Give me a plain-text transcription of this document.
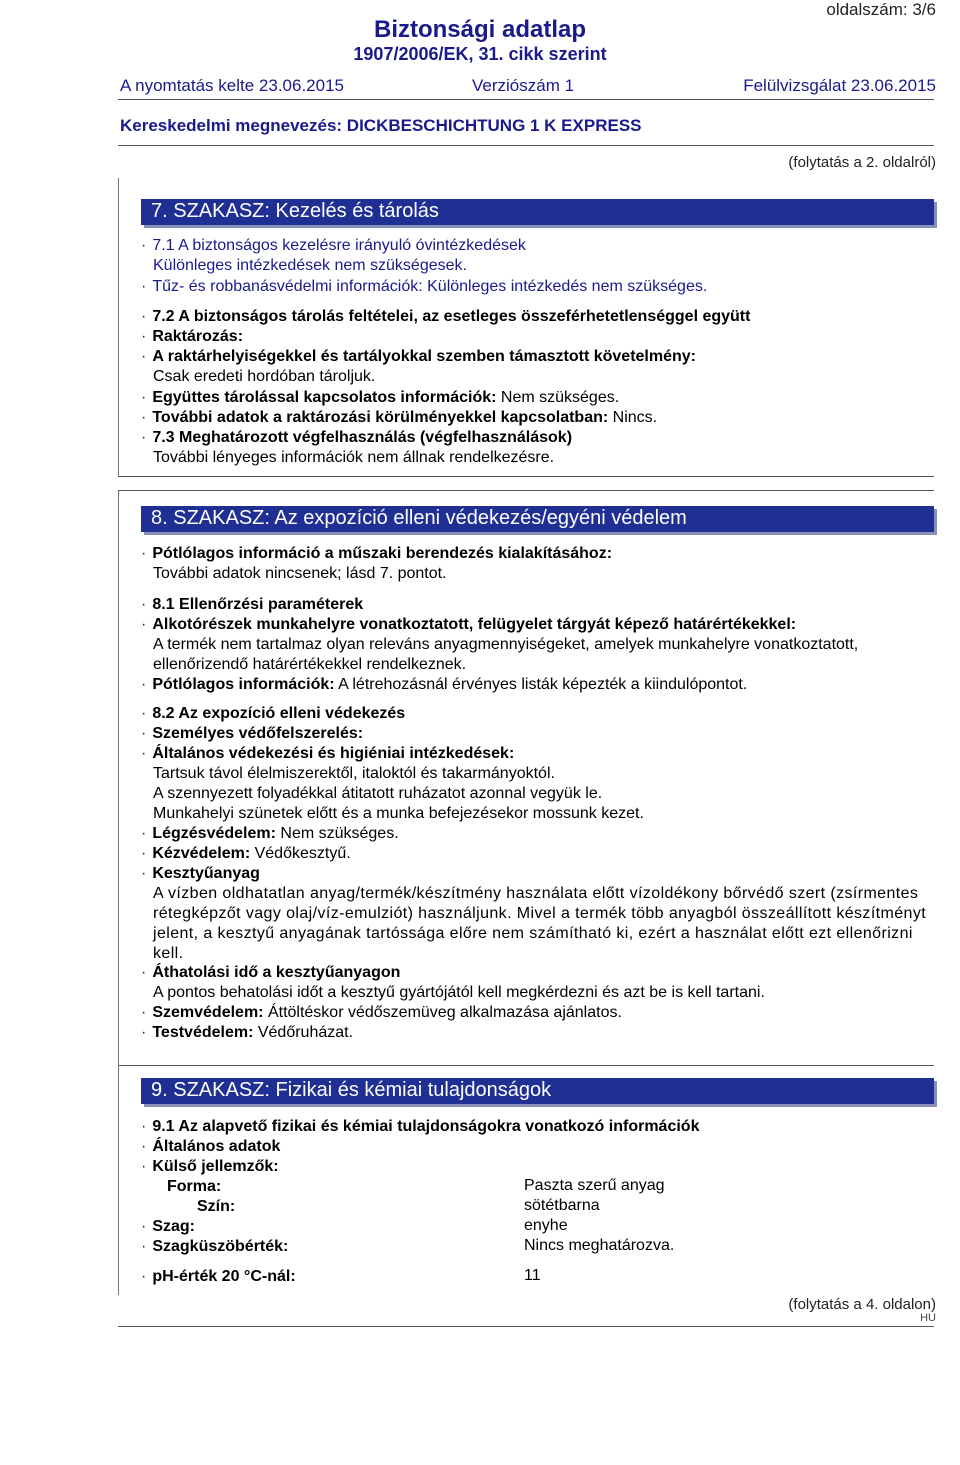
oldalszám: 3/6
Biztonsági adatlap
1907/2006/EK, 31. cikk szerint
A nyomtatás kelte 23.06.2015	Verziószám 1	Felülvizsgálat 23.06.2015
Kereskedelmi megnevezés: DICKBESCHICHTUNG 1 K EXPRESS
(folytatás a 2. oldalról)
7. SZAKASZ: Kezelés és tárolás
· 7.1 A biztonságos kezelésre irányuló óvintézkedések
Különleges intézkedések nem szükségesek.
· Tűz- és robbanásvédelmi információk: Különleges intézkedés nem szükséges.
· 7.2 A biztonságos tárolás feltételei, az esetleges összeférhetetlenséggel együtt
· Raktározás:
· A raktárhelyiségekkel és tartályokkal szemben támasztott követelmény:
Csak eredeti hordóban tároljuk.
· Együttes tárolással kapcsolatos információk: Nem szükséges.
· További adatok a raktározási körülményekkel kapcsolatban: Nincs.
· 7.3 Meghatározott végfelhasználás (végfelhasználások)
További lényeges információk nem állnak rendelkezésre.
8. SZAKASZ: Az expozíció elleni védekezés/egyéni védelem
· Pótlólagos információ a műszaki berendezés kialakításához:
További adatok nincsenek; lásd 7. pontot.
· 8.1 Ellenőrzési paraméterek
· Alkotórészek munkahelyre vonatkoztatott, felügyelet tárgyát képező határértékekkel:
A termék nem tartalmaz olyan releváns anyagmennyiségeket, amelyek munkahelyre vonatkoztatott,
ellenőrizendő határértékekkel rendelkeznek.
· Pótlólagos információk: A létrehozásnál érvényes listák képezték a kiindulópontot.
· 8.2 Az expozíció elleni védekezés
· Személyes védőfelszerelés:
· Általános védekezési és higiéniai intézkedések:
Tartsuk távol élelmiszerektől, italoktól és takarmányoktól.
A szennyezett folyadékkal átitatott ruházatot azonnal vegyük le.
Munkahelyi szünetek előtt és a munka befejezésekor mossunk kezet.
· Légzésvédelem: Nem szükséges.
· Kézvédelem: Védőkesztyű.
· Kesztyűanyag
A vízben oldhatatlan anyag/termék/készítmény használata előtt vízoldékony bőrvédő szert (zsírmentes rétegképzőt vagy olaj/víz-emulziót) használjunk. Mivel a termék több anyagból összeállított készítményt jelent, a kesztyű anyagának tartóssága előre nem számítható ki, ezért a használat előtt ezt ellenőrizni kell.
· Áthatolási idő a kesztyűanyagon
A pontos behatolási időt a kesztyű gyártójától kell megkérdezni és azt be is kell tartani.
· Szemvédelem: Áttöltéskor védőszemüveg alkalmazása ajánlatos.
· Testvédelem: Védőruházat.
9. SZAKASZ: Fizikai és kémiai tulajdonságok
· 9.1 Az alapvető fizikai és kémiai tulajdonságokra vonatkozó információk
· Általános adatok
· Külső jellemzők:
Forma:	Paszta szerű anyag
Szín:	sötétbarna
· Szag:	enyhe
· Szagküszöbérték:	Nincs meghatározva.
· pH-érték 20 °C-nál:	11
(folytatás a 4. oldalon)
HU
